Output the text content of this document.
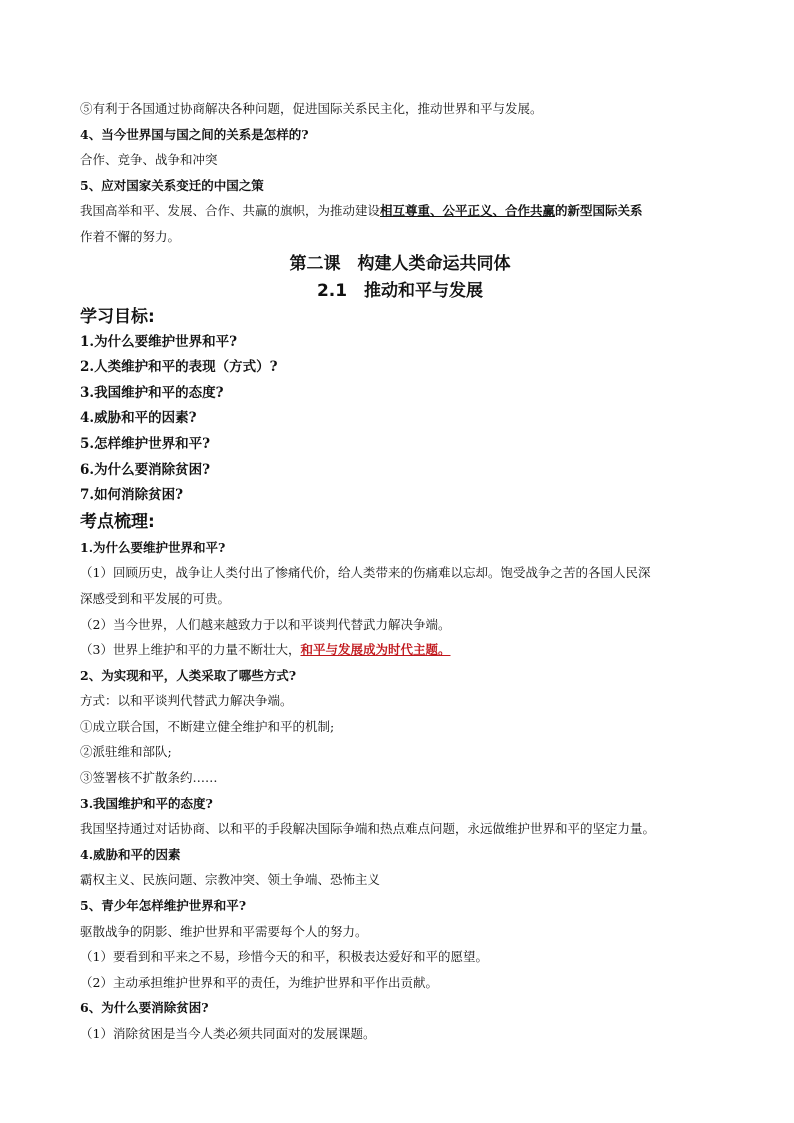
⑤有利于各国通过协商解决各种问题，促进国际关系民主化，推动世界和平与发展。
4、当今世界国与国之间的关系是怎样的?
合作、竞争、战争和冲突
5、应对国家关系变迁的中国之策
我国高举和平、发展、合作、共赢的旗帜，为推动建设相互尊重、公平正义、合作共赢的新型国际关系
作着不懈的努力。
第二课　构建人类命运共同体
2.1　推动和平与发展
学习目标:
1.为什么要维护世界和平?
2.人类维护和平的表现（方式）?
3.我国维护和平的态度?
4.威胁和平的因素?
5.怎样维护世界和平?
6.为什么要消除贫困?
7.如何消除贫困?
考点梳理:
1.为什么要维护世界和平?
（1）回顾历史，战争让人类付出了惨痛代价，给人类带来的伤痛难以忘却。饱受战争之苦的各国人民深
深感受到和平发展的可贵。
（2）当今世界，人们越来越致力于以和平谈判代替武力解决争端。
（3）世界上维护和平的力量不断壮大，和平与发展成为时代主题。
2、为实现和平，人类采取了哪些方式?
方式：以和平谈判代替武力解决争端。
①成立联合国，不断建立健全维护和平的机制;
②派驻维和部队;
③签署核不扩散条约……
3.我国维护和平的态度?
我国坚持通过对话协商、以和平的手段解决国际争端和热点难点问题，永远做维护世界和平的坚定力量。
4.威胁和平的因素
霸权主义、民族问题、宗教冲突、领土争端、恐怖主义
5、青少年怎样维护世界和平?
驱散战争的阴影、维护世界和平需要每个人的努力。
（1）要看到和平来之不易，珍惜今天的和平，积极表达爱好和平的愿望。
（2）主动承担维护世界和平的责任，为维护世界和平作出贡献。
6、为什么要消除贫困?
（1）消除贫困是当今人类必须共同面对的发展课题。
